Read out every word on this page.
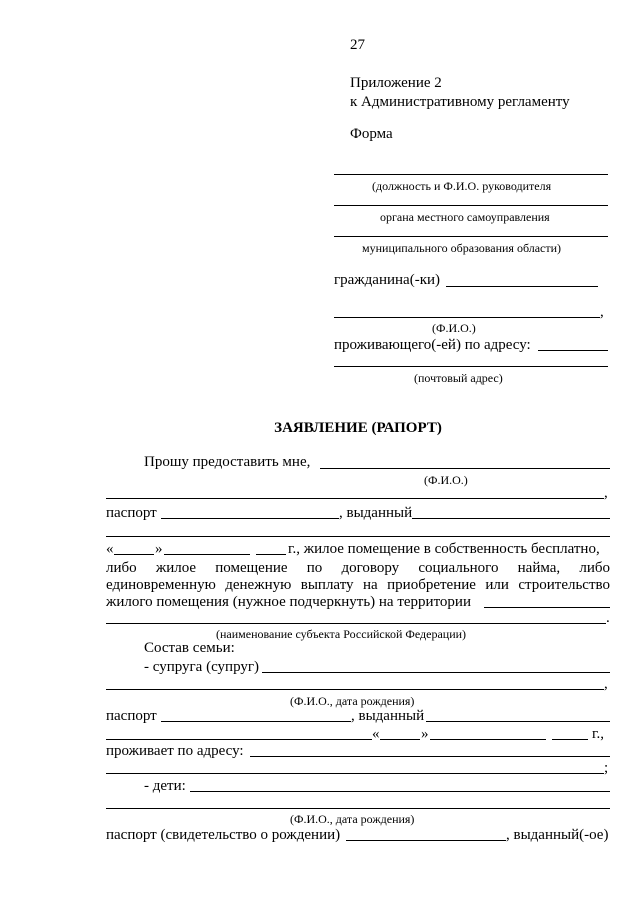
27
Приложение 2
к Административному регламенту
Форма
(должность и Ф.И.О. руководителя
органа местного самоуправления
муниципального образования области)
гражданина(-ки)
,
(Ф.И.О.)
проживающего(-ей) по адресу:
(почтовый адрес)
ЗАЯВЛЕНИЕ (РАПОРТ)
Прошу предоставить мне,
(Ф.И.О.)
,
паспорт	, выданный
«	»	г., жилое помещение в собственность бесплатно,
либо жилое помещение по договору социального найма, либо
единовременную денежную выплату на приобретение или строительство
жилого помещения (нужное подчеркнуть) на территории
.
(наименование субъекта Российской Федерации)
Состав семьи:
- супруга (супруг)
,
(Ф.И.О., дата рождения)
паспорт	, выданный
«	»	г.,
проживает по адресу:
;
- дети:
(Ф.И.О., дата рождения)
паспорт (свидетельство о рождении)	, выданный(-ое)
